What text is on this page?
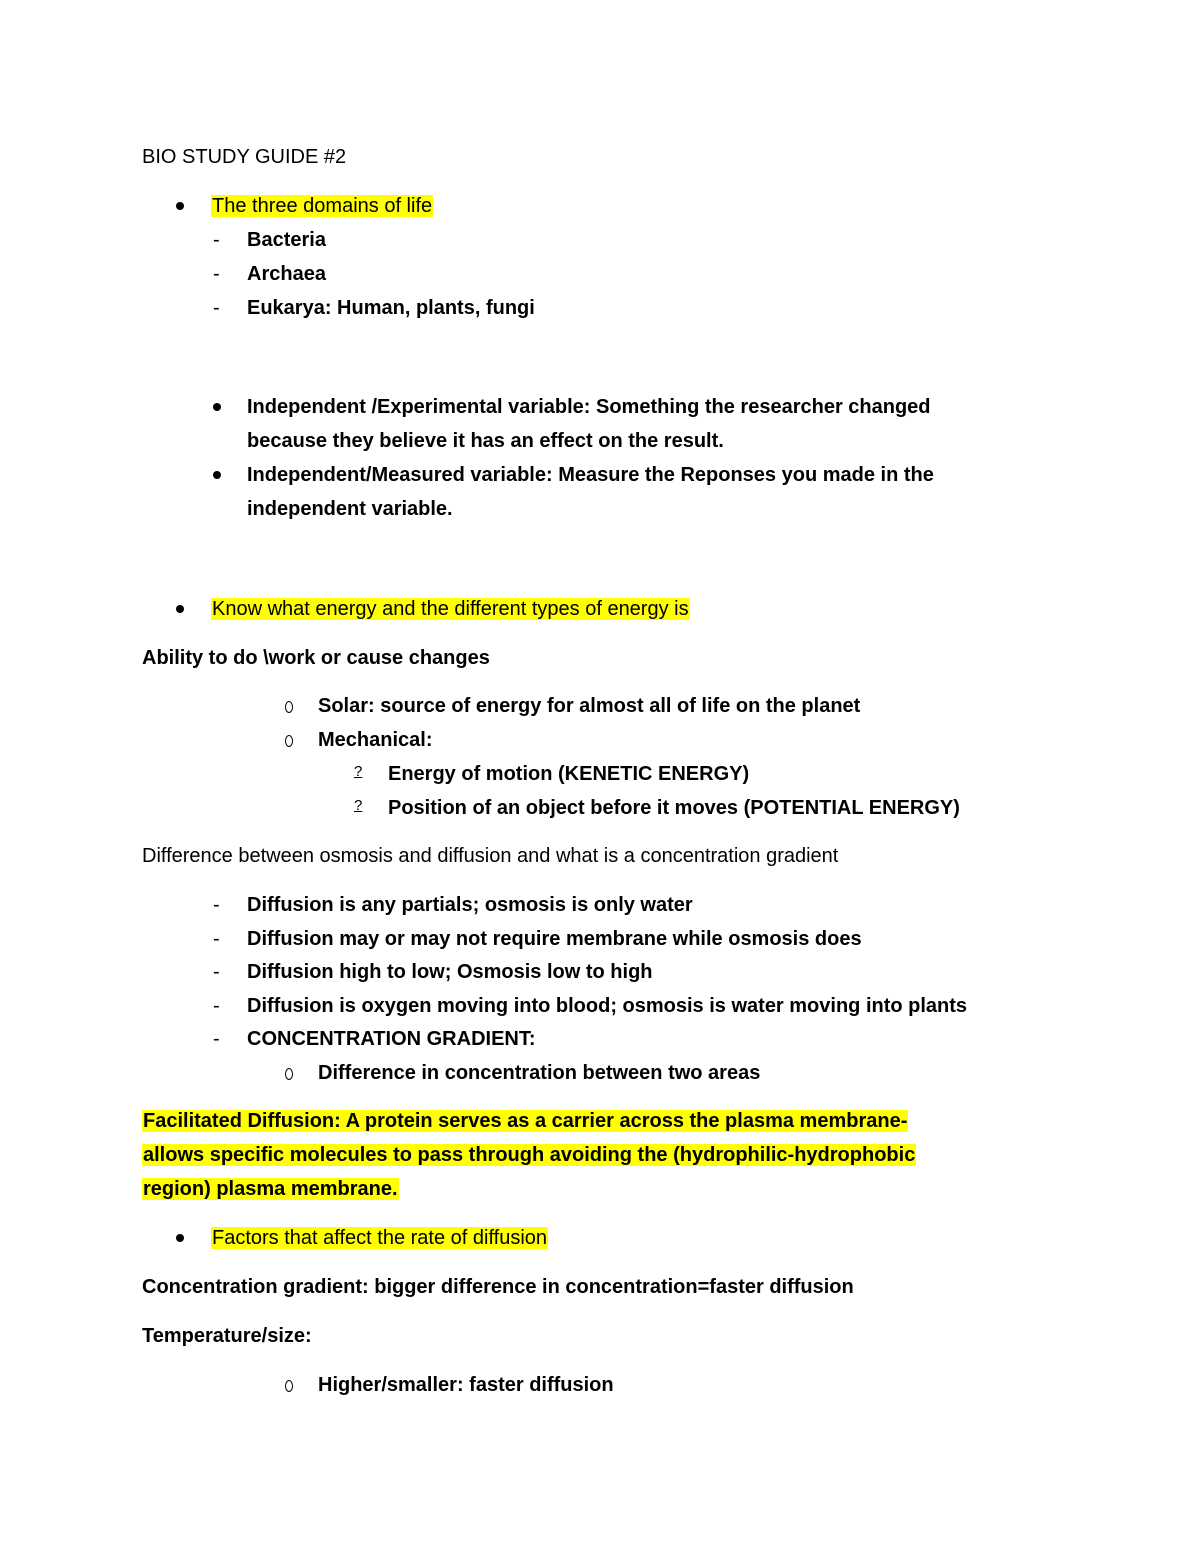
BIO STUDY GUIDE #2
The three domains of life
- Bacteria
- Archaea
- Eukarya: Human, plants, fungi
Independent /Experimental variable: Something the researcher changed
because they believe it has an effect on the result.
Independent/Measured variable: Measure the Reponses you made in the
independent variable.
Know what energy and the different types of energy is
Ability to do \work or cause changes
Solar: source of energy for almost all of life on the planet
Mechanical:
? Energy of motion (KENETIC ENERGY)
? Position of an object before it moves (POTENTIAL ENERGY)
Difference between osmosis and diffusion and what is a concentration gradient
- Diffusion is any partials; osmosis is only water
- Diffusion may or may not require membrane while osmosis does
- Diffusion high to low; Osmosis low to high
- Diffusion is oxygen moving into blood; osmosis is water moving into plants
- CONCENTRATION GRADIENT:
Difference in concentration between two areas
Facilitated Diffusion: A protein serves as a carrier across the plasma membrane-
allows specific molecules to pass through avoiding the (hydrophilic-hydrophobic
region) plasma membrane.
Factors that affect the rate of diffusion
Concentration gradient: bigger difference in concentration=faster diffusion
Temperature/size:
Higher/smaller: faster diffusion
